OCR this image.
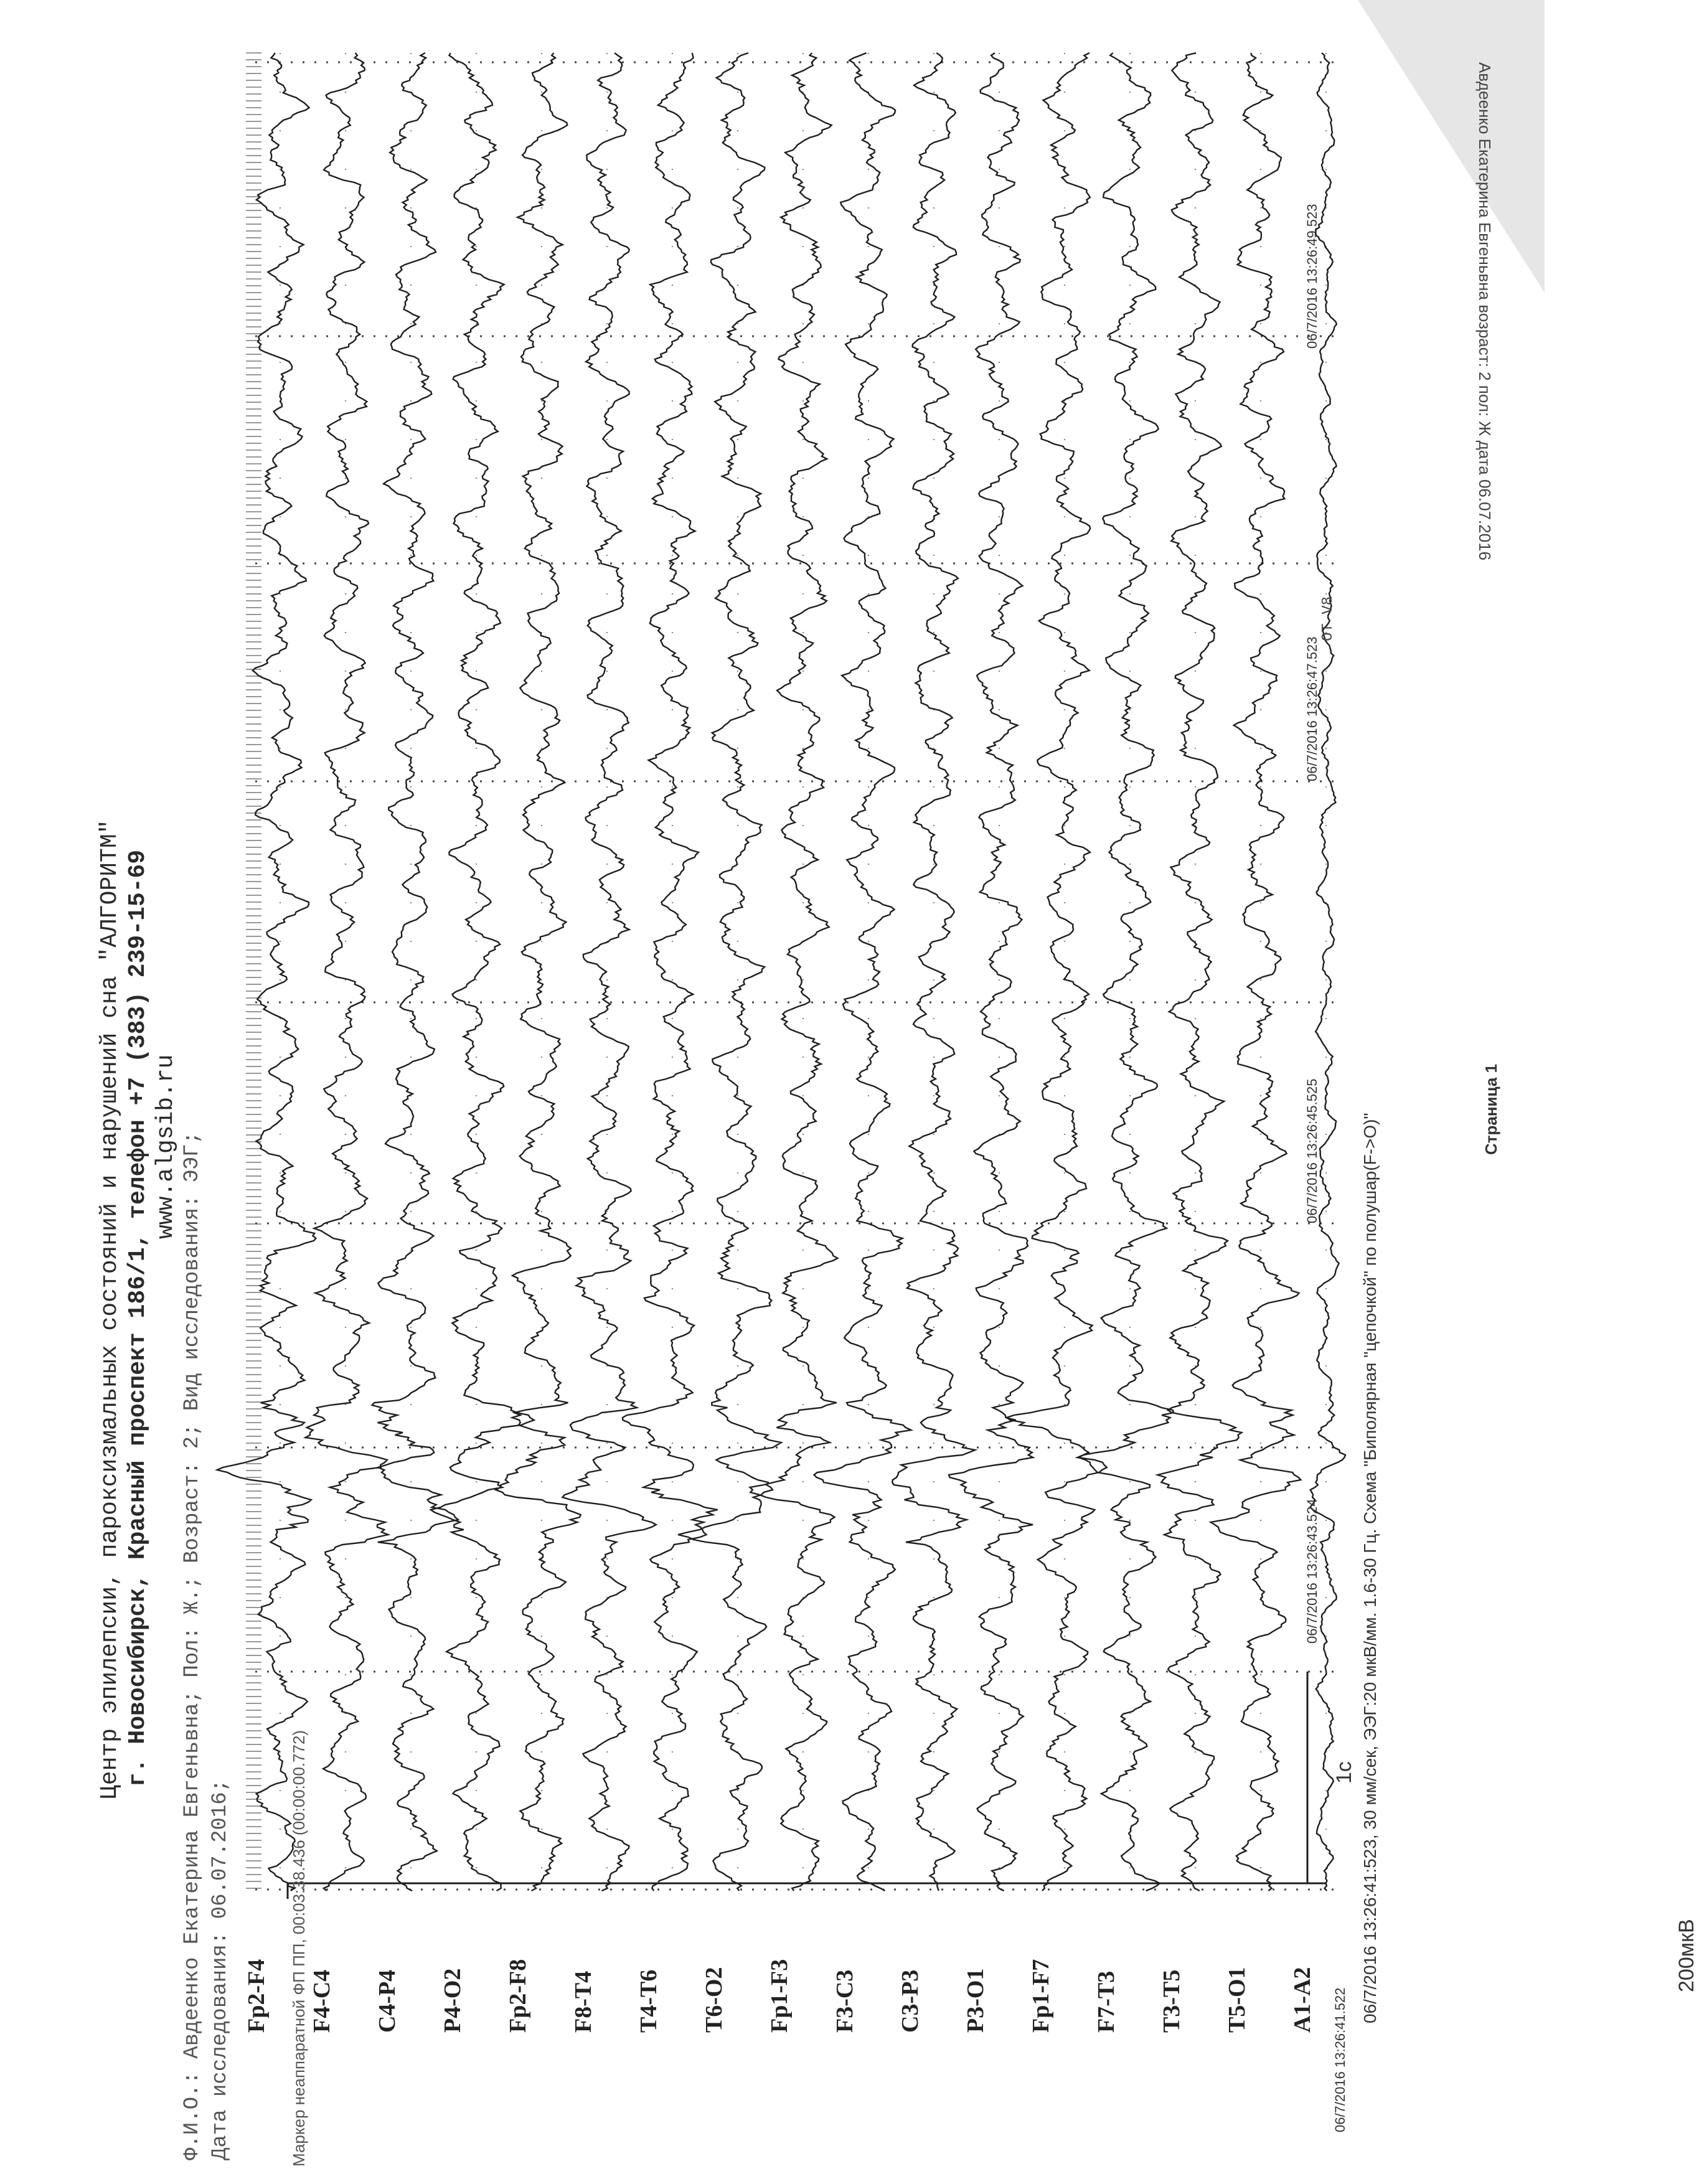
Центр эпилепсии, пароксизмальных состояний и нарушений сна "АЛГОРИТМ" г. Новосибирск, Красный проспект 186/1, телефон +7 (383) 239-15-69 www.algsib.ru Ф.И.О.: Авдеенко Екатерина Евгеньвна; Пол: Ж.; Возраст: 2; Вид исследования: ЭЭГ; Дата исследования: 06.07.2016;
ОТ V8
Маркер неаппаратной ФП ПП, 00:03:38.436 (00:00:00.772)
Авдеенко Екатерина Евгеньвна возраст: 2 пол: Ж дата 06.07.2016
Fp2-F4 F4-C4 C4-P4 P4-O2 Fp2-F8 F8-T4 T4-T6 T6-O2 Fp1-F3 F3-C3 C3-P3 P3-O1 Fp1-F7 F7-T3 T3-T5 T5-O1 A1-A2 06/7/2016 13:26:41.522
06/7/2016 13:26:43.524
06/7/2016 13:26:45.525
06/7/2016 13:26:47.523
06/7/2016 13:26:49.523
200мкВ
1с 06/7/2016 13:26:41:523, 30 мм/сек, ЭЭГ:20 мкВ/мм. 1.6-30 Гц. Схема "Биполярная "цепочкой" по полушар(F->O)"
Страница 1
